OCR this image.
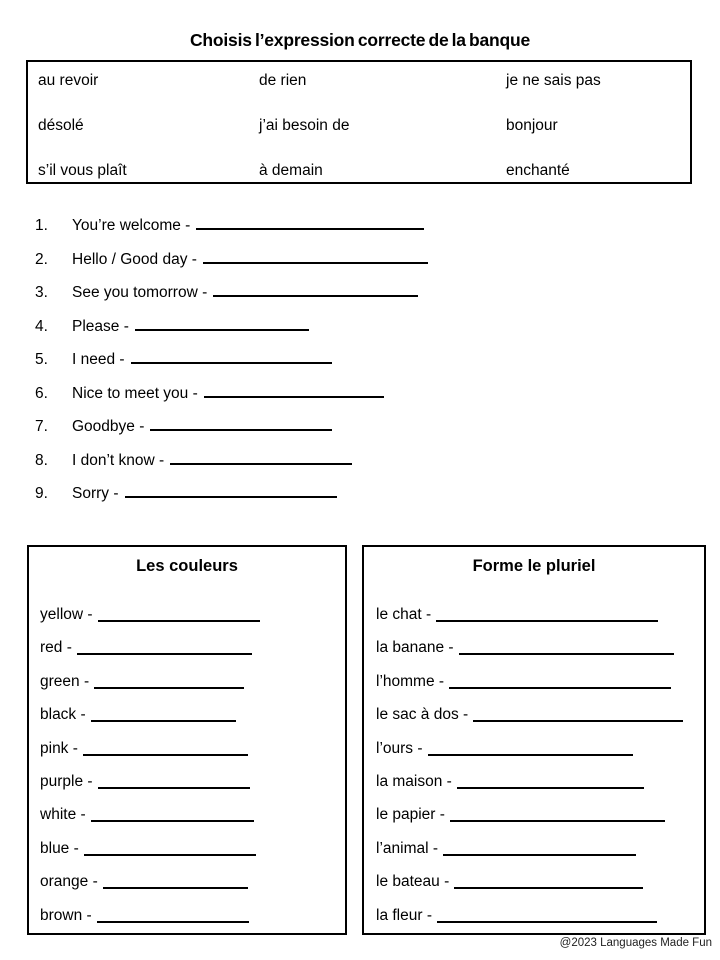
Choisis l’expression correcte de la banque
au revoir	de rien	je ne sais pas
désolé	j’ai besoin de	bonjour
s’il vous plaît	à demain	enchanté
1.	You’re welcome -
2.	Hello / Good day -
3.	See you tomorrow -
4.	Please -
5.	I need -
6.	Nice to meet you -
7.	Goodbye -
8.	I don’t know -
9.	Sorry -
Les couleurs
yellow -
red -
green -
black -
pink -
purple -
white -
blue -
orange -
brown -
Forme le pluriel
le chat -
la banane -
l’homme -
le sac à dos -
l’ours -
la maison -
le papier -
l’animal -
le bateau -
la fleur -
@2023 Languages Made Fun
